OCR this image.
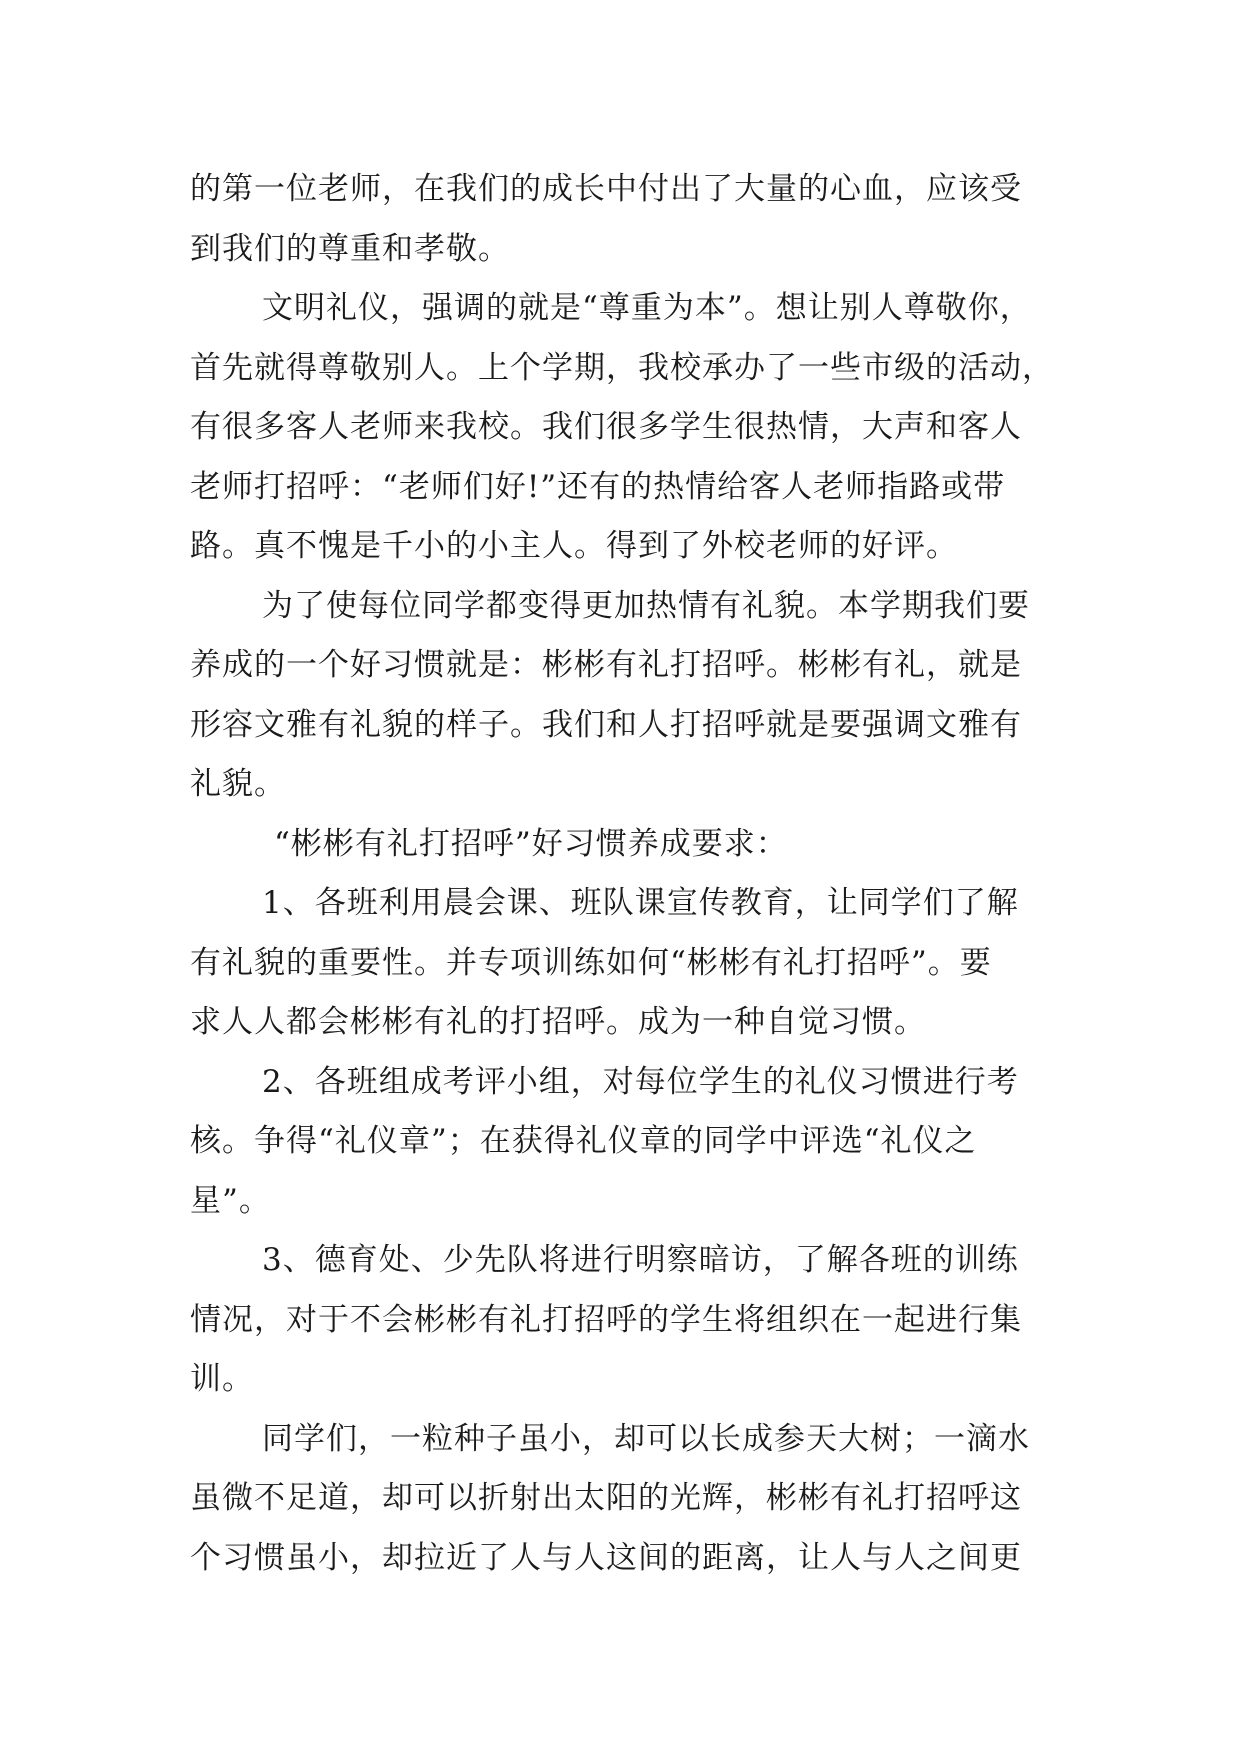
的第一位老师，在我们的成长中付出了大量的心血，应该受
到我们的尊重和孝敬。
文明礼仪，强调的就是“尊重为本”。想让别人尊敬你，
首先就得尊敬别人。上个学期，我校承办了一些市级的活动，
有很多客人老师来我校。我们很多学生很热情，大声和客人
老师打招呼：“老师们好!”还有的热情给客人老师指路或带
路。真不愧是千小的小主人。得到了外校老师的好评。
为了使每位同学都变得更加热情有礼貌。本学期我们要
养成的一个好习惯就是：彬彬有礼打招呼。彬彬有礼，就是
形容文雅有礼貌的样子。我们和人打招呼就是要强调文雅有
礼貌。
“彬彬有礼打招呼”好习惯养成要求：
1、各班利用晨会课、班队课宣传教育，让同学们了解
有礼貌的重要性。并专项训练如何“彬彬有礼打招呼”。要
求人人都会彬彬有礼的打招呼。成为一种自觉习惯。
2、各班组成考评小组，对每位学生的礼仪习惯进行考
核。争得“礼仪章”；在获得礼仪章的同学中评选“礼仪之
星”。
3、德育处、少先队将进行明察暗访，了解各班的训练
情况，对于不会彬彬有礼打招呼的学生将组织在一起进行集
训。
同学们，一粒种子虽小，却可以长成参天大树；一滴水
虽微不足道，却可以折射出太阳的光辉，彬彬有礼打招呼这
个习惯虽小，却拉近了人与人这间的距离，让人与人之间更
